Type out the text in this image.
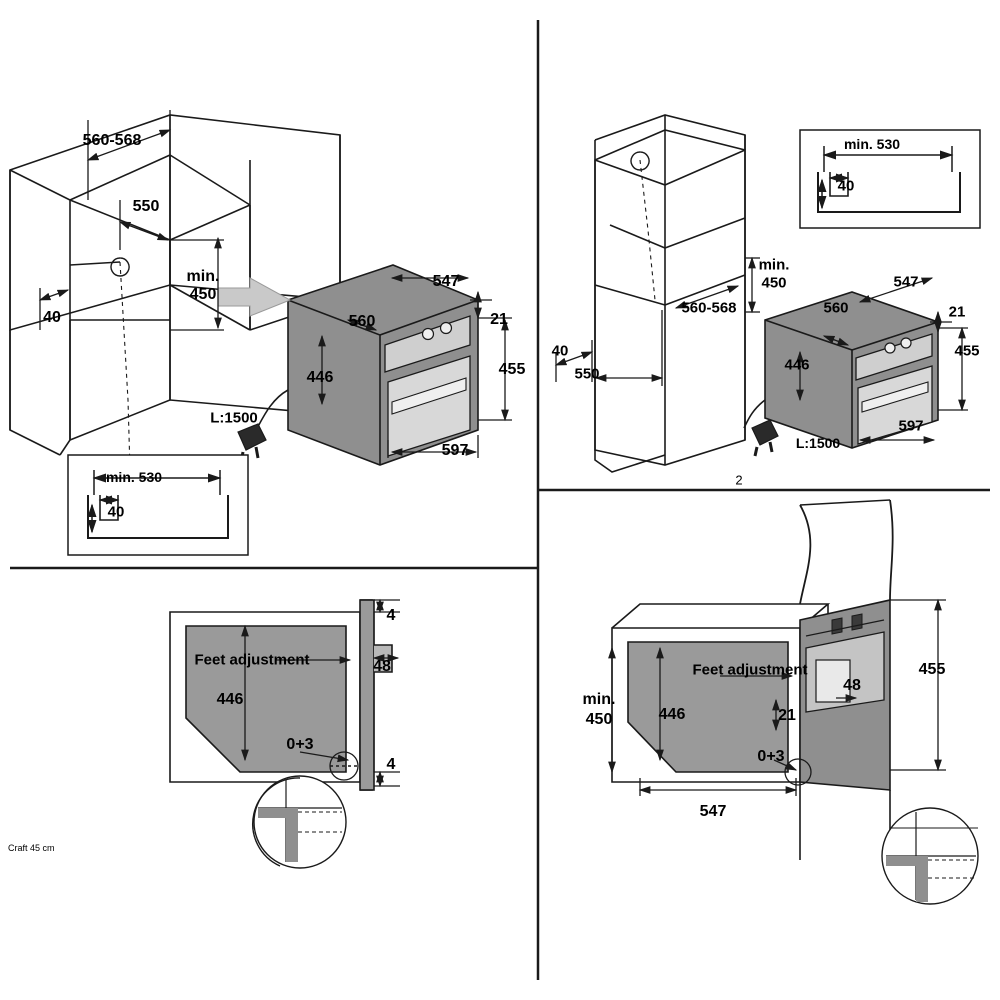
560-568
550
40
min.
450
547
560
446
21
455
597
L:1500
min. 530
40
560-568
550
40
min.
450	547
560
446
21
455
597
L:1500
min. 530
40
2
4
48
446
Feet adjustment
0+3
4
min.
450	446
Feet adjustment
21
48
455
0+3
547
Craft 45 cm
